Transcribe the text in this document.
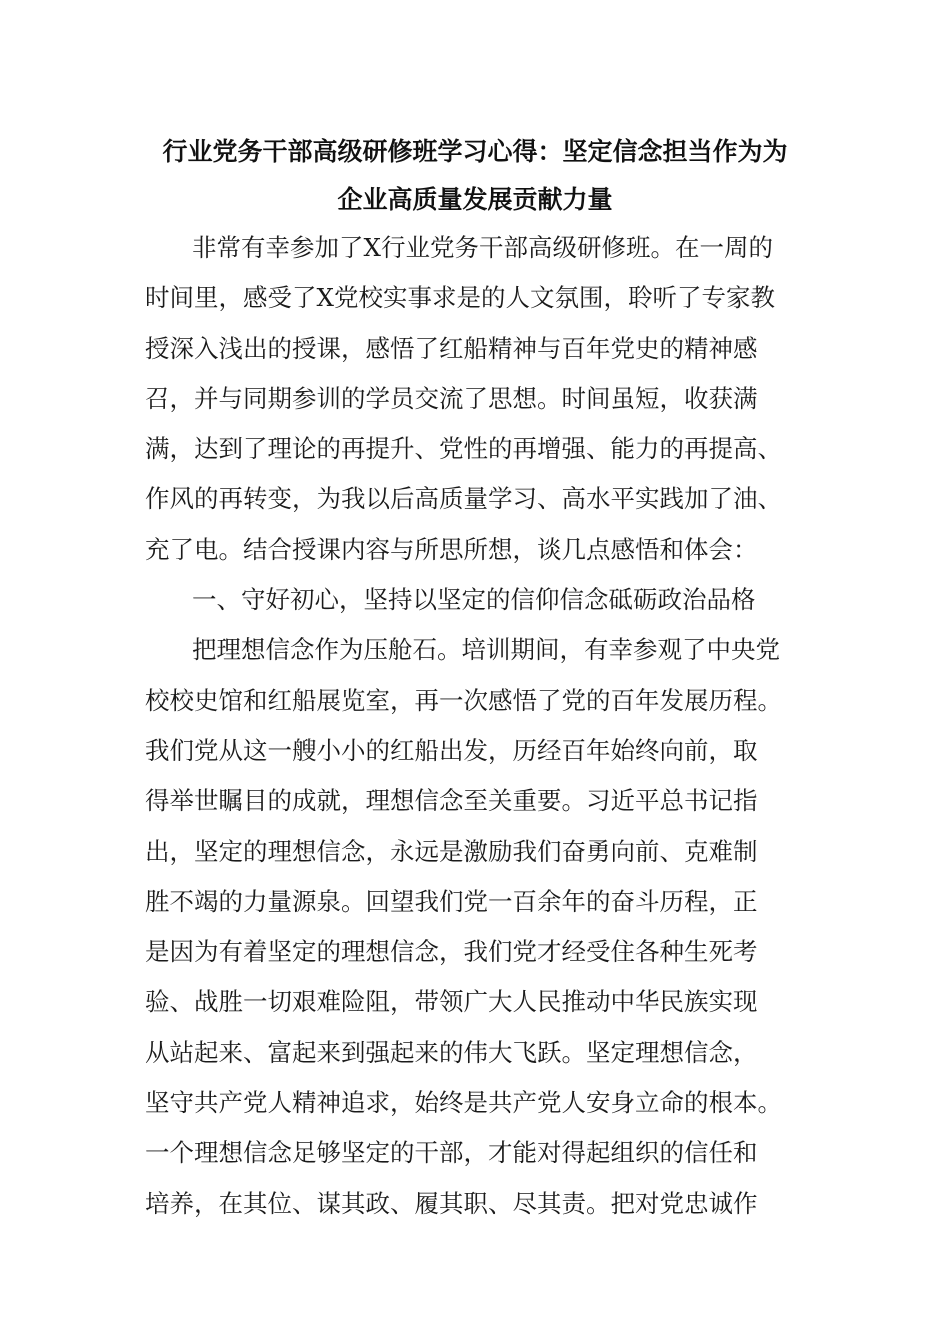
行业党务干部高级研修班学习心得：坚定信念担当作为为
企业高质量发展贡献力量
非常有幸参加了X行业党务干部高级研修班。在一周的
时间里，感受了X党校实事求是的人文氛围，聆听了专家教
授深入浅出的授课，感悟了红船精神与百年党史的精神感
召，并与同期参训的学员交流了思想。时间虽短，收获满
满，达到了理论的再提升、党性的再增强、能力的再提高、
作风的再转变，为我以后高质量学习、高水平实践加了油、
充了电。结合授课内容与所思所想，谈几点感悟和体会：
一、守好初心，坚持以坚定的信仰信念砥砺政治品格
把理想信念作为压舱石。培训期间，有幸参观了中央党
校校史馆和红船展览室，再一次感悟了党的百年发展历程。
我们党从这一艘小小的红船出发，历经百年始终向前，取
得举世瞩目的成就，理想信念至关重要。习近平总书记指
出，坚定的理想信念，永远是激励我们奋勇向前、克难制
胜不竭的力量源泉。回望我们党一百余年的奋斗历程，正
是因为有着坚定的理想信念，我们党才经受住各种生死考
验、战胜一切艰难险阻，带领广大人民推动中华民族实现
从站起来、富起来到强起来的伟大飞跃。坚定理想信念，
坚守共产党人精神追求，始终是共产党人安身立命的根本。
一个理想信念足够坚定的干部，才能对得起组织的信任和
培养，在其位、谋其政、履其职、尽其责。把对党忠诚作
